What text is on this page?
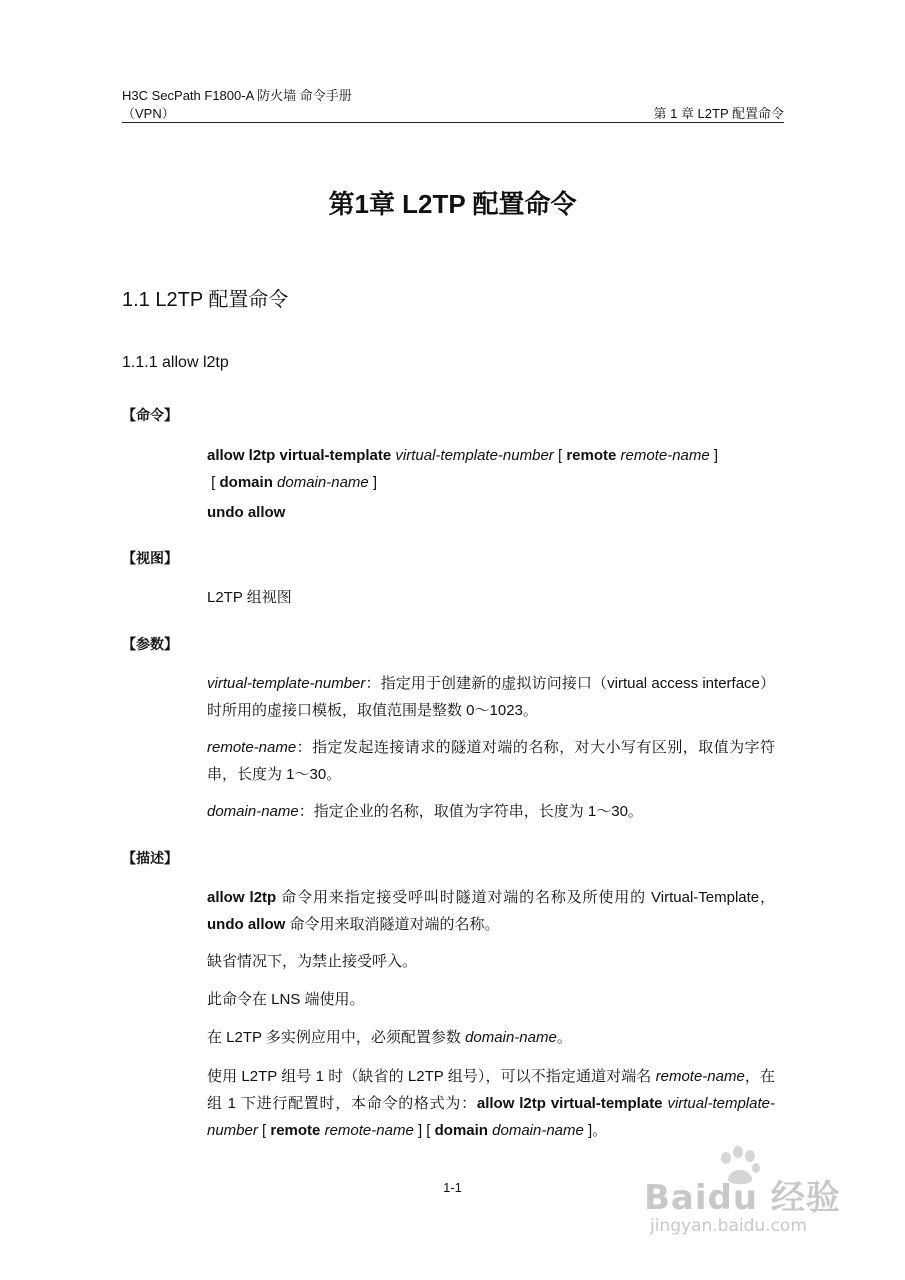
H3C SecPath F1800-A 防火墙 命令手册
（VPN）	第 1 章 L2TP 配置命令
第1章 L2TP 配置命令
1.1 L2TP 配置命令
1.1.1 allow l2tp
【命令】
allow l2tp virtual-template virtual-template-number [ remote remote-name ]
[ domain domain-name ]
undo allow
【视图】
L2TP 组视图
【参数】
virtual-template-number：指定用于创建新的虚拟访问接口（virtual access interface）时所用的虚接口模板，取值范围是整数 0～1023。
remote-name：指定发起连接请求的隧道对端的名称，对大小写有区别，取值为字符串，长度为 1～30。
domain-name：指定企业的名称，取值为字符串，长度为 1～30。
【描述】
allow l2tp 命令用来指定接受呼叫时隧道对端的名称及所使用的 Virtual-Template，undo allow 命令用来取消隧道对端的名称。
缺省情况下，为禁止接受呼入。
此命令在 LNS 端使用。
在 L2TP 多实例应用中，必须配置参数 domain-name。
使用 L2TP 组号 1 时（缺省的 L2TP 组号），可以不指定通道对端名 remote-name，在组 1 下进行配置时，本命令的格式为：allow l2tp virtual-template virtual-template-number [ remote remote-name ] [ domain domain-name ]。
1-1	Baidu 经验
jingyan.baidu.com
